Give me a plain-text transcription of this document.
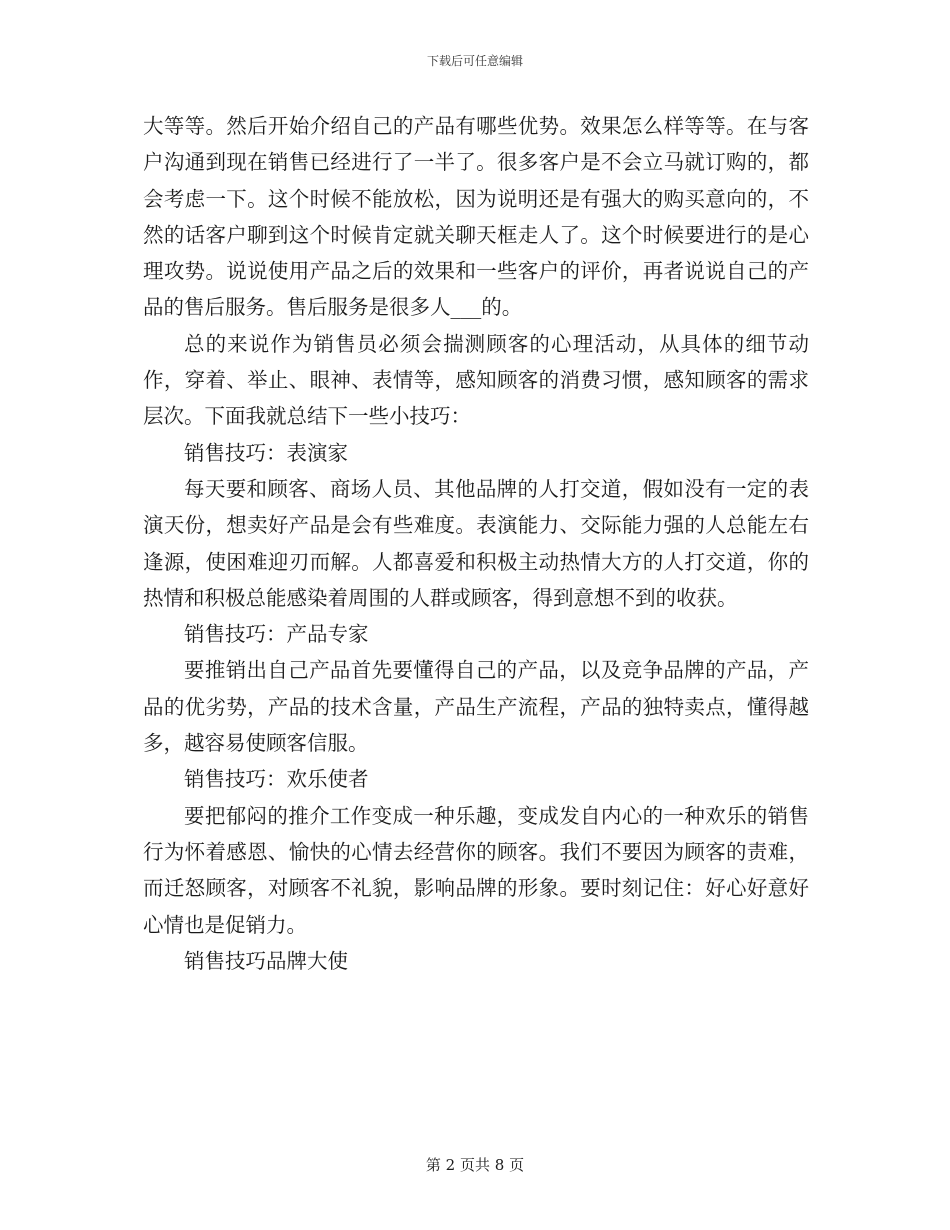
下载后可任意编辑

大等等。然后开始介绍自己的产品有哪些优势。效果怎么样等等。在与客户沟通到现在销售已经进行了一半了。很多客户是不会立马就订购的，都会考虑一下。这个时候不能放松，因为说明还是有强大的购买意向的，不然的话客户聊到这个时候肯定就关聊天框走人了。这个时候要进行的是心理攻势。说说使用产品之后的效果和一些客户的评价，再者说说自己的产品的售后服务。售后服务是很多人___的。

总的来说作为销售员必须会揣测顾客的心理活动，从具体的细节动作，穿着、举止、眼神、表情等，感知顾客的消费习惯，感知顾客的需求层次。下面我就总结下一些小技巧：

销售技巧：表演家

每天要和顾客、商场人员、其他品牌的人打交道，假如没有一定的表演天份，想卖好产品是会有些难度。表演能力、交际能力强的人总能左右逢源，使困难迎刃而解。人都喜爱和积极主动热情大方的人打交道，你的热情和积极总能感染着周围的人群或顾客，得到意想不到的收获。

销售技巧：产品专家

要推销出自己产品首先要懂得自己的产品，以及竞争品牌的产品，产品的优劣势，产品的技术含量，产品生产流程，产品的独特卖点，懂得越多，越容易使顾客信服。

销售技巧：欢乐使者

要把郁闷的推介工作变成一种乐趣，变成发自内心的一种欢乐的销售行为怀着感恩、愉快的心情去经营你的顾客。我们不要因为顾客的责难，而迁怒顾客，对顾客不礼貌，影响品牌的形象。要时刻记住：好心好意好心情也是促销力。

销售技巧品牌大使

第 2 页共 8 页
